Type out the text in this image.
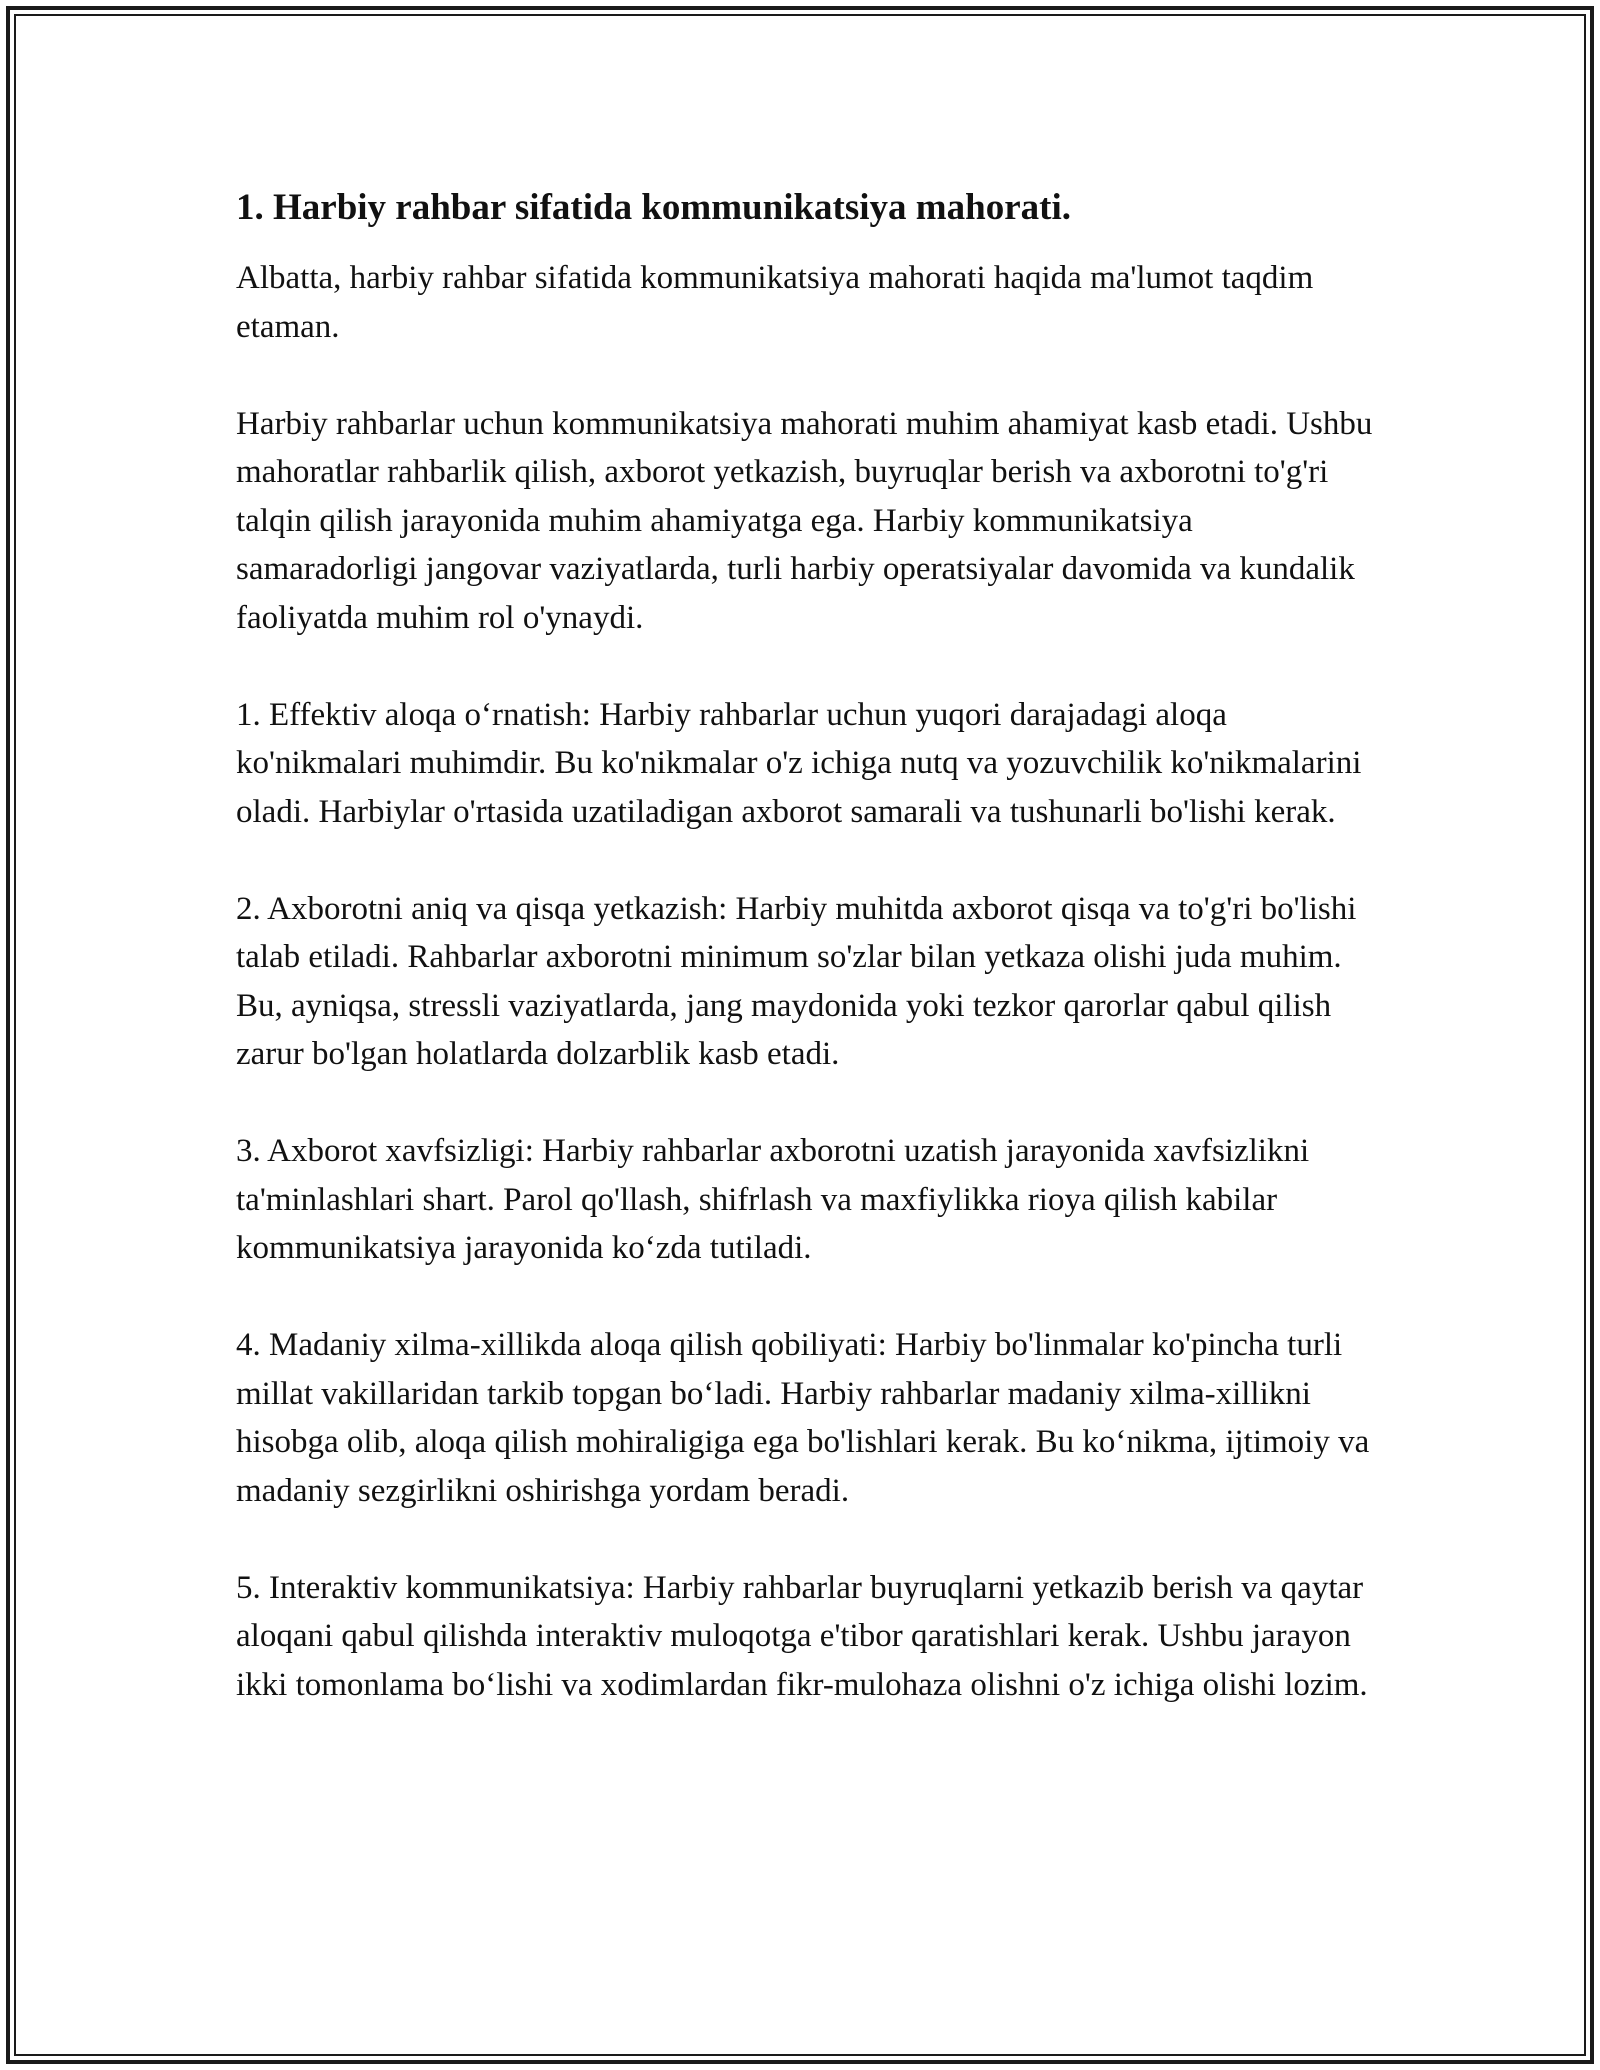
1. Harbiy rahbar sifatida kommunikatsiya mahorati.

Albatta, harbiy rahbar sifatida kommunikatsiya mahorati haqida ma'lumot taqdim etaman.

Harbiy rahbarlar uchun kommunikatsiya mahorati muhim ahamiyat kasb etadi. Ushbu mahoratlar rahbarlik qilish, axborot yetkazish, buyruqlar berish va axborotni to'g'ri talqin qilish jarayonida muhim ahamiyatga ega. Harbiy kommunikatsiya samaradorligi jangovar vaziyatlarda, turli harbiy operatsiyalar davomida va kundalik faoliyatda muhim rol o'ynaydi.

1. Effektiv aloqa o‘rnatish: Harbiy rahbarlar uchun yuqori darajadagi aloqa ko'nikmalari muhimdir. Bu ko'nikmalar o'z ichiga nutq va yozuvchilik ko'nikmalarini oladi. Harbiylar o'rtasida uzatiladigan axborot samarali va tushunarli bo'lishi kerak.

2. Axborotni aniq va qisqa yetkazish: Harbiy muhitda axborot qisqa va to'g'ri bo'lishi talab etiladi. Rahbarlar axborotni minimum so'zlar bilan yetkaza olishi juda muhim. Bu, ayniqsa, stressli vaziyatlarda, jang maydonida yoki tezkor qarorlar qabul qilish zarur bo'lgan holatlarda dolzarblik kasb etadi.

3. Axborot xavfsizligi: Harbiy rahbarlar axborotni uzatish jarayonida xavfsizlikni ta'minlashlari shart. Parol qo'llash, shifrlash va maxfiylikka rioya qilish kabilar kommunikatsiya jarayonida ko‘zda tutiladi.

4. Madaniy xilma-xillikda aloqa qilish qobiliyati: Harbiy bo'linmalar ko'pincha turli millat vakillaridan tarkib topgan bo‘ladi. Harbiy rahbarlar madaniy xilma-xillikni hisobga olib, aloqa qilish mohiraligiga ega bo'lishlari kerak. Bu ko‘nikma, ijtimoiy va madaniy sezgirlikni oshirishga yordam beradi.

5. Interaktiv kommunikatsiya: Harbiy rahbarlar buyruqlarni yetkazib berish va qaytar aloqani qabul qilishda interaktiv muloqotga e'tibor qaratishlari kerak. Ushbu jarayon ikki tomonlama bo‘lishi va xodimlardan fikr-mulohaza olishni o'z ichiga olishi lozim.
